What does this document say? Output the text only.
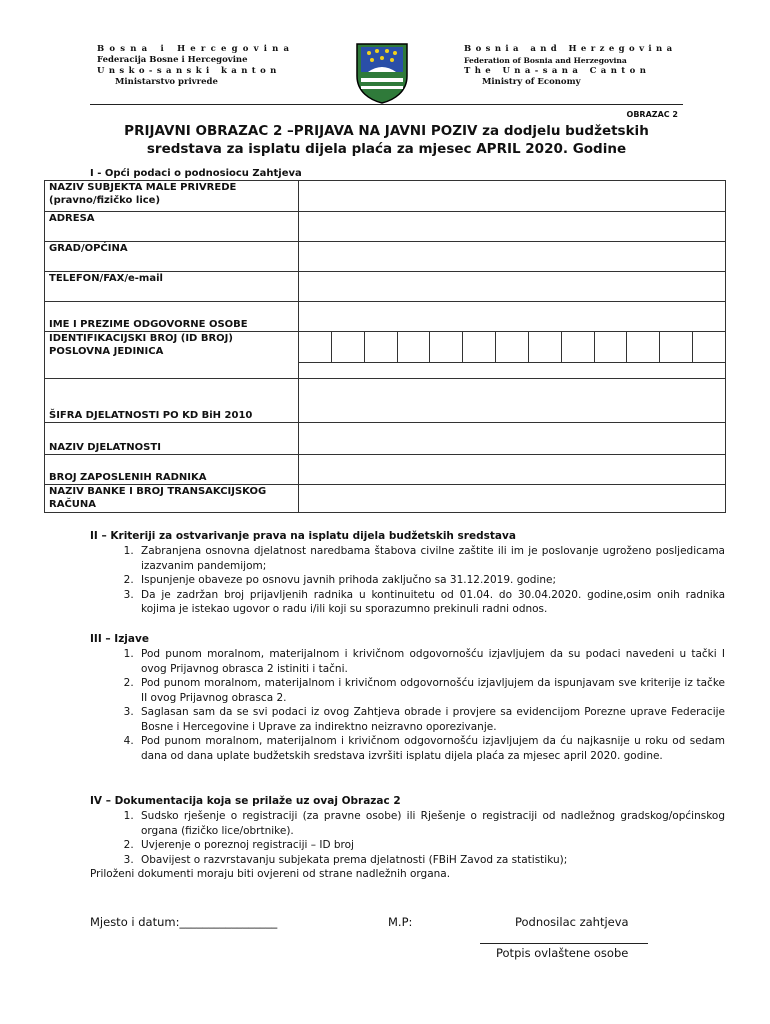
Bosna i Hercegovina
Federacija Bosne i Hercegovine
Unsko-sanski kanton
Ministarstvo privrede
Bosnia and Herzegovina
Federation of Bosnia and Herzegovina
The Una-sana Canton
Ministry of Economy
OBRAZAC 2
PRIJAVNI OBRAZAC 2 –PRIJAVA NA JAVNI POZIV za dodjelu budžetskih
sredstava za isplatu dijela plaća za mjesec APRIL 2020. Godine
I - Opći podaci o podnosiocu Zahtjeva
NAZIV SUBJEKTA MALE PRIVREDE (pravno/fizičko lice)	
ADRESA	
GRAD/OPĆINA	
TELEFON/FAX/e-mail	
IME I PREZIME ODGOVORNE OSOBE	
IDENTIFIKACIJSKI BROJ (ID BROJ) POSLOVNA JEDINICA	

ŠIFRA DJELATNOSTI PO KD BiH 2010	
NAZIV DJELATNOSTI	
BROJ ZAPOSLENIH RADNIKA	
NAZIV BANKE I BROJ TRANSAKCIJSKOG RAČUNA	
II – Kriteriji za ostvarivanje prava na isplatu dijela budžetskih sredstava
1. Zabranjena osnovna djelatnost naredbama štabova civilne zaštite ili im je poslovanje ugroženo posljedicama izazvanim pandemijom;
2. Ispunjenje obaveze po osnovu javnih prihoda zaključno sa 31.12.2019. godine;
3. Da je zadržan broj prijavljenih radnika u kontinuitetu od 01.04. do 30.04.2020. godine,osim onih radnika kojima je istekao ugovor o radu i/ili koji su sporazumno prekinuli radni odnos.
III – Izjave
1. Pod punom moralnom, materijalnom i krivičnom odgovornošću izjavljujem da su podaci navedeni u tački I ovog Prijavnog obrasca 2 istiniti i tačni.
2. Pod punom moralnom, materijalnom i krivičnom odgovornošću izjavljujem da ispunjavam sve kriterije iz tačke II ovog Prijavnog obrasca 2.
3. Saglasan sam da se svi podaci iz ovog Zahtjeva obrade i provjere sa evidencijom Porezne uprave Federacije Bosne i Hercegovine i Uprave za indirektno neizravno oporezivanje.
4. Pod punom moralnom, materijalnom i krivičnom odgovornošću izjavljujem da ću najkasnije u roku od sedam dana od dana uplate budžetskih sredstava izvršiti isplatu dijela plaća za mjesec april 2020. godine.
IV – Dokumentacija koja se prilaže uz ovaj Obrazac 2
1. Sudsko rješenje o registraciji (za pravne osobe) ili Rješenje o registraciji od nadležnog gradskog/općinskog organa (fizičko lice/obrtnike).
2. Uvjerenje o poreznoj registraciji – ID broj
3. Obavijest o razvrstavanju subjekata prema djelatnosti (FBiH Zavod za statistiku);
Priloženi dokumenti moraju biti ovjereni od strane nadležnih organa.
Mjesto i datum:_________________	M.P:	Podnosilac zahtjeva
Potpis ovlaštene osobe
